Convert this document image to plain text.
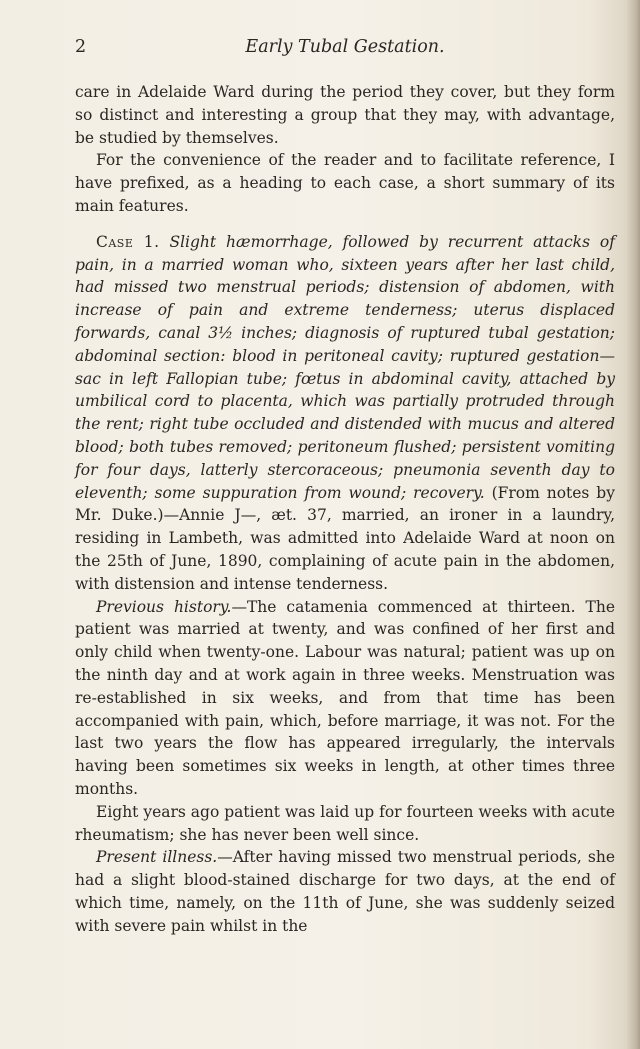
2	Early Tubal Gestation.

care in Adelaide Ward during the period they cover, but they form so distinct and interesting a group that they may, with advantage, be studied by themselves.

For the convenience of the reader and to facilitate reference, I have prefixed, as a heading to each case, a short summary of its main features.

Case 1. Slight hæmorrhage, followed by recurrent attacks of pain, in a married woman who, sixteen years after her last child, had missed two menstrual periods; distension of abdomen, with increase of pain and extreme tenderness; uterus displaced forwards, canal 3½ inches; diagnosis of ruptured tubal gestation; abdominal section: blood in peritoneal cavity; ruptured gestation—sac in left Fallopian tube; fœtus in abdominal cavity, attached by umbilical cord to placenta, which was partially protruded through the rent; right tube occluded and distended with mucus and altered blood; both tubes removed; peritoneum flushed; persistent vomiting for four days, latterly stercoraceous; pneumonia seventh day to eleventh; some suppuration from wound; recovery. (From notes by Mr. Duke.)—Annie J—, æt. 37, married, an ironer in a laundry, residing in Lambeth, was admitted into Adelaide Ward at noon on the 25th of June, 1890, complaining of acute pain in the abdomen, with distension and intense tenderness.

Previous history.—The catamenia commenced at thirteen. The patient was married at twenty, and was confined of her first and only child when twenty-one. Labour was natural; patient was up on the ninth day and at work again in three weeks. Menstruation was re-established in six weeks, and from that time has been accompanied with pain, which, before marriage, it was not. For the last two years the flow has appeared irregularly, the intervals having been sometimes six weeks in length, at other times three months.

Eight years ago patient was laid up for fourteen weeks with acute rheumatism; she has never been well since.

Present illness.—After having missed two menstrual periods, she had a slight blood-stained discharge for two days, at the end of which time, namely, on the 11th of June, she was suddenly seized with severe pain whilst in the
